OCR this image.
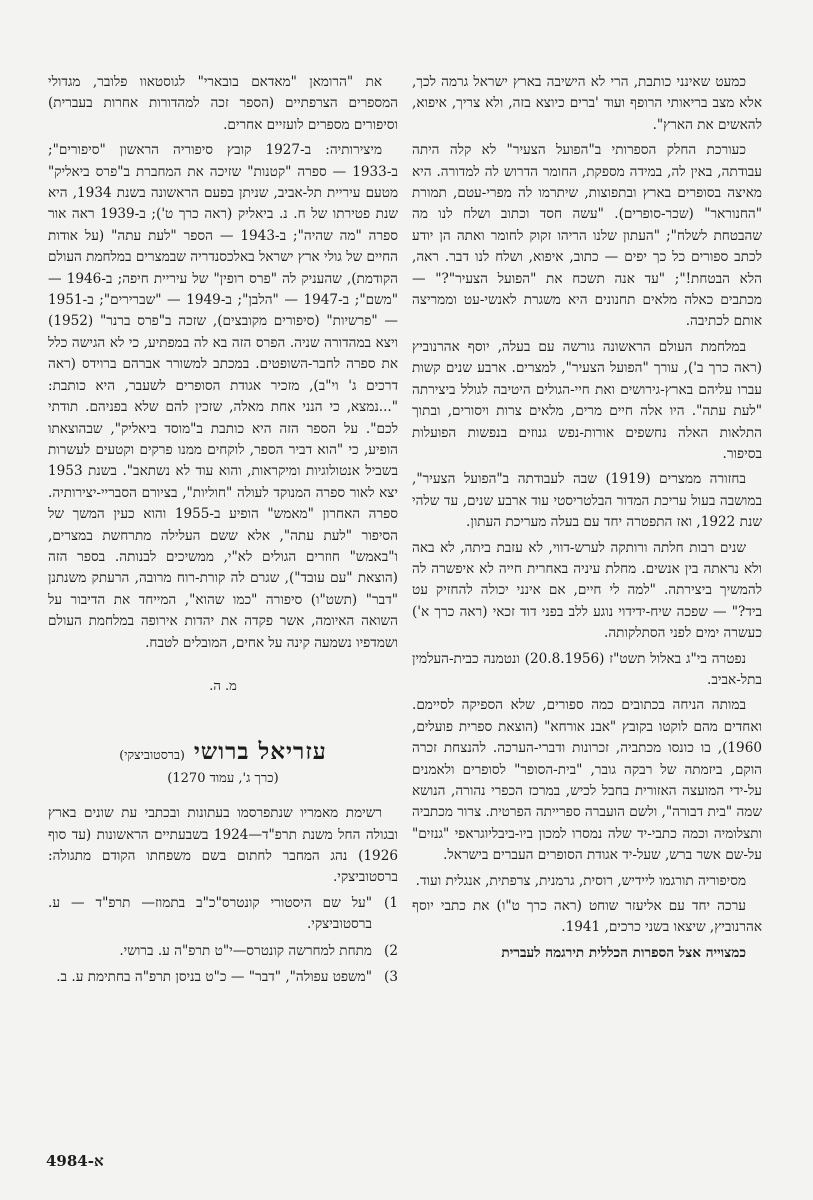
כמעט שאינני כותבת, הרי לא הישיבה בארץ ישראל גרמה לכך, אלא מצב בריאותי הרופף ועוד 'ברים כיוצא בזה, ולא צריך, איפוא, להאשים את הארץ".

כעורכת החלק הספרותי ב"הפועל הצעיר" לא קלה היתה עבודתה, באין לה, במידה מספקת, החומר הדרוש לה למדורה. היא מאיצה בסופרים בארץ ובתפוצות, שיתרמו לה מפרי-עטם, תמורת "החנוראר" (שכר-סופרים). "עשה חסד וכתוב ושלח לנו מה שהבטחת לשלח"; "העתון שלנו הריהו זקוק לחומר ואתה הן יודע לכתב ספורים כל כך יפים — כתוב, איפוא, ושלח לנו דבר. ראה, הלא הבטחת!"; "עד אנה תשכח את "הפועל הצעיר"?" — מכתבים כאלה מלאים תחנונים היא משגרת לאנשי-עט וממריצה אותם לכתיבה.

במלחמת העולם הראשונה גורשה עם בעלה, יוסף אהרנוביץ (ראה כרך ב'), עורך "הפועל הצעיר", למצרים. ארבע שנים קשות עברו עליהם בארץ-גירושים ואת חיי-הגולים היטיבה לגולל ביצירתה "לעת עתה". היו אלה חיים מרים, מלאים צרות ויסורים, ובתוך התלאות האלה נחשפים אורות-נפש גנוזים בנפשות הפועלות בסיפור.

בחזורה ממצרים (1919) שבה לעבודתה ב"הפועל הצעיר", במושבה בעול עריכת המדור הבלטריסטי עוד ארבע שנים, עד שלהי שנת 1922, ואז התפטרה יחד עם בעלה מעריכת העתון.

שנים רבות חלתה ורותקה לערש-דווי, לא עזבת ביתה, לא באה ולא נראתה בין אנשים. מחלת עיניה באחרית חייה לא איפשרה לה להמשיך ביצירתה. "למה לי חיים, אם אינני יכולה להחזיק עט ביד?" — שפכה שיח-ידידוי נוגע ללב בפני דוד זכאי (ראה כרך א') כעשרה ימים לפני הסתלקותה.

נפטרה בי"ג באלול תשט"ז (20.8.1956) ונטמנה כבית-העלמין בתל-אביב.

במותה הניחה בכתובים כמה ספורים, שלא הספיקה לסיימם. ואחדים מהם לוקטו בקובץ "אבנ אורחא" (הוצאת ספרית פועלים, 1960), בו כונסו מכתביה, זכרונות ודברי-הערכה. להנצחת זכרה הוקם, ביזמתה של רבקה גובר, "בית-הסופר" לסופרים ולאמנים על-ידי המועצה האזורית בחבל לכיש, במרכז הכפרי נהורה, הנושא שמה "בית דבורה", ולשם הועברה ספרייתה הפרטית. צרור מכתביה ותצלומיה וכמה כתבי-יד שלה נמסרו למכון ביו-ביבליוגראפי "גנזים" על-שם אשר ברש, שעל-יד אגודת הסופרים העברים בישראל.

מסיפוריה תורגמו ליידיש, רוסית, גרמנית, צרפתית, אנגלית ועוד.

ערכה יחד עם אליעזר שוחט (ראה כרך ט"ו) את כתבי יוסף אהרנוביץ, שיצאו בשני כרכים, 1941.

כמצוייה אצל הספרות הכללית תירגמה לעברית

את "הרומאן "מאדאם בובארי" לגוסטאוו פלובר, מגדולי המספרים הצרפתיים (הספר זכה למהדורות אחרות בעברית) וסיפורים מספרים לועזיים אחרים.

מיצירותיה: ב-1927 קובץ סיפוריה הראשון "סיפורים"; ב-1933 — ספרה "קטנות" שזיכה את המחברת ב"פרס ביאליק" מטעם עיריית תל-אביב, שניתן בפעם הראשונה בשנת 1934, היא שנת פטירתו של ח. נ. ביאליק (ראה כרך ט'); ב-1939 ראה אור ספרה "מה שהיה"; ב-1943 — הספר "לעת עתה" (על אודות החיים של גולי ארץ ישראל באלכסנדריה שבמצרים במלחמת העולם הקודמת), שהעניק לה "פרס רופין" של עיריית חיפה; ב-1946 — "משם"; ב-1947 — "הלבן"; ב-1949 — "שברירים"; ב-1951 — "פרשיות" (סיפורים מקובצים), שזכה ב"פרס ברנר" (1952) ויצא במהדורה שניה. הפרס הזה בא לה במפתיע, כי לא הגישה כלל את ספרה לחבר-השופטים. במכתב למשורר אברהם ברוידס (ראה דרכים ג' וי"ב), מזכיר אגודת הסופרים לשעבר, היא כותבת: "...נמצא, כי הנני אחת מאלה, שזכין להם שלא בפניהם. תודתי לכם". על הספר הזה היא כותבת ב"מוסד ביאליק", שבהוצאתו הופיע, כי "הוא דביר הספר, לוקחים ממנו פרקים וקטעים לעשרות בשביל אנטולוגיות ומיקראות, והוא עוד לא נשתאב". בשנת 1953 יצא לאור ספרה המנוקד לעולה "חוליות", בציורם הסבריי-יצירותיה. ספרה האחרון "מאמש" הופיע ב-1955 והוא כעין המשך של הסיפור "לעת עתה", אלא ששם העלילה מתרחשת במצרים, ו"באמש" חוזרים הגולים לא"י, ממשיכים לבנותה. בספר הזה (הוצאת "עם עובד"), שגרם לה קורת-רוח מרובה, הרעתק משנתנן "דבר" (תשט"ו) סיפורה "כמו שהוא", המייחד את הדיבור על השואה האיומה, אשר פקדה את יהדות אירופה במלחמת העולם ושמדפיו נשמעה קינה על אחים, המובלים לטבח.

מ. ה.
עזריאל ברושי (ברסטוביצקי)
(כרך ג', עמוד 1270)

רשימת מאמריו שנתפרסמו בעתונות ובכתבי עת שונים בארץ ובגולה החל משנת תרפ"ד—1924 בשבעתיים הראשונות (עד סוף 1926) נהג המחבר לחתום בשם משפחתו הקודם מתגולה: ברסטוביצקי.

1)
"על שם היסטורי קונטרס"כ"ב בתמוז— תרפ"ד — ע. ברסטוביצקי.
2)
מתחת למחרשה קונטרס—י"ט תרפ"ה ע. ברושי.
3)
"משפט עפולה", "דבר" — כ"ט בניסן תרפ"ה בחתימת ע. ב.
4984-א
